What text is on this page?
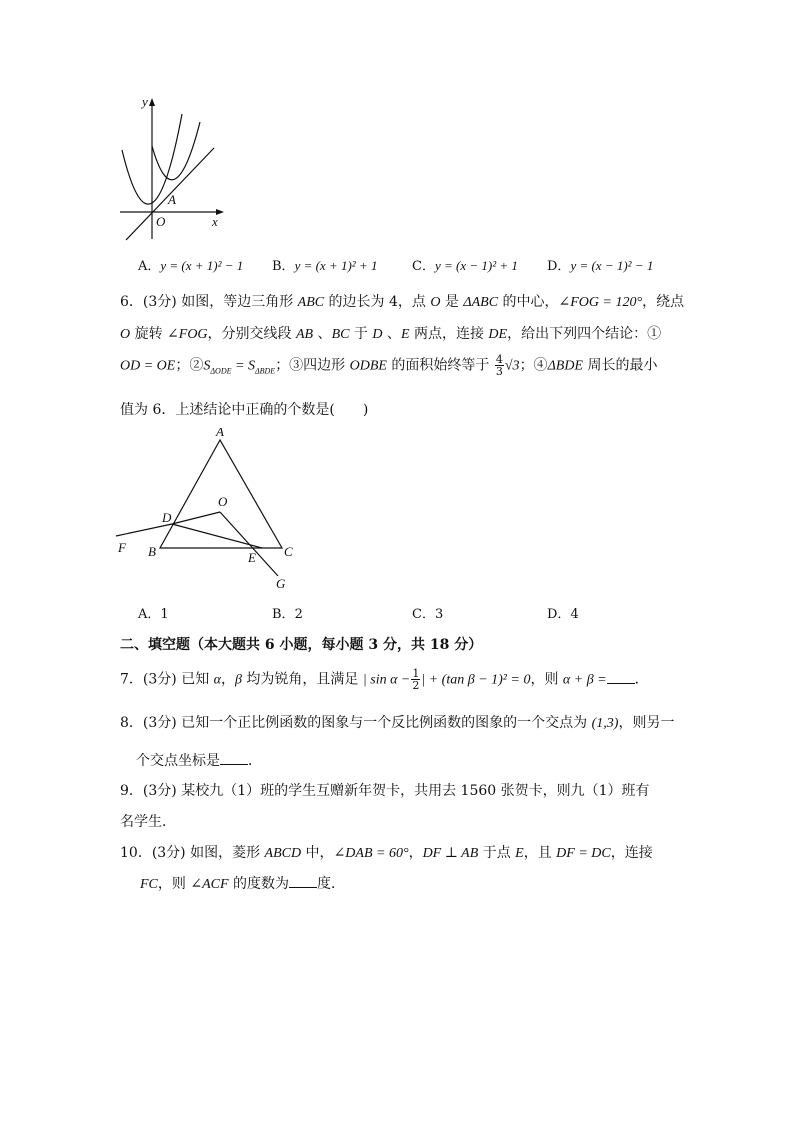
y
x
O
A
A．y = (x + 1)² − 1 B．y = (x + 1)² + 1	C．y = (x − 1)² + 1 D．y = (x − 1)² − 1
6．(3分) 如图，等边三角形 ABC 的边长为 4，点 O 是 ΔABC 的中心，∠FOG = 120°，绕点
O 旋转 ∠FOG，分别交线段 AB 、BC 于 D 、E 两点，连接 DE，给出下列四个结论：①
OD = OE；$②S_{\Delta ODE} = S_{\Delta BDE}$；③四边形 ODBE 的面积始终等于 $\frac{4}{3} √3$；④ΔBDE 周长的最小
值为 6．上述结论中正确的个数是(　　)
A
O
D
F B	E C
G
A．1	B．2	C．3	D．4
二、填空题（本大题共 6 小题，每小题 3 分，共 18 分）
7．(3分) 已知 α，β 均为锐角，且满足 | $\sin \alpha - \frac{1}{2}$ | + (tan β − 1)² = 0，则 α + β = ．
8．(3分) 已知一个正比例函数的图象与一个反比例函数的图象的一个交点为 (1,3)，则另一
个交点坐标是 ．
9．(3分) 某校九（1）班的学生互赠新年贺卡，共用去 1560 张贺卡，则九（1）班有
名学生．
10．(3分) 如图，菱形 ABCD 中，∠DAB = 60°，DF ⊥ AB 于点 E，且 DF = DC，连接
FC，则 ∠ACF 的度数为 度．
